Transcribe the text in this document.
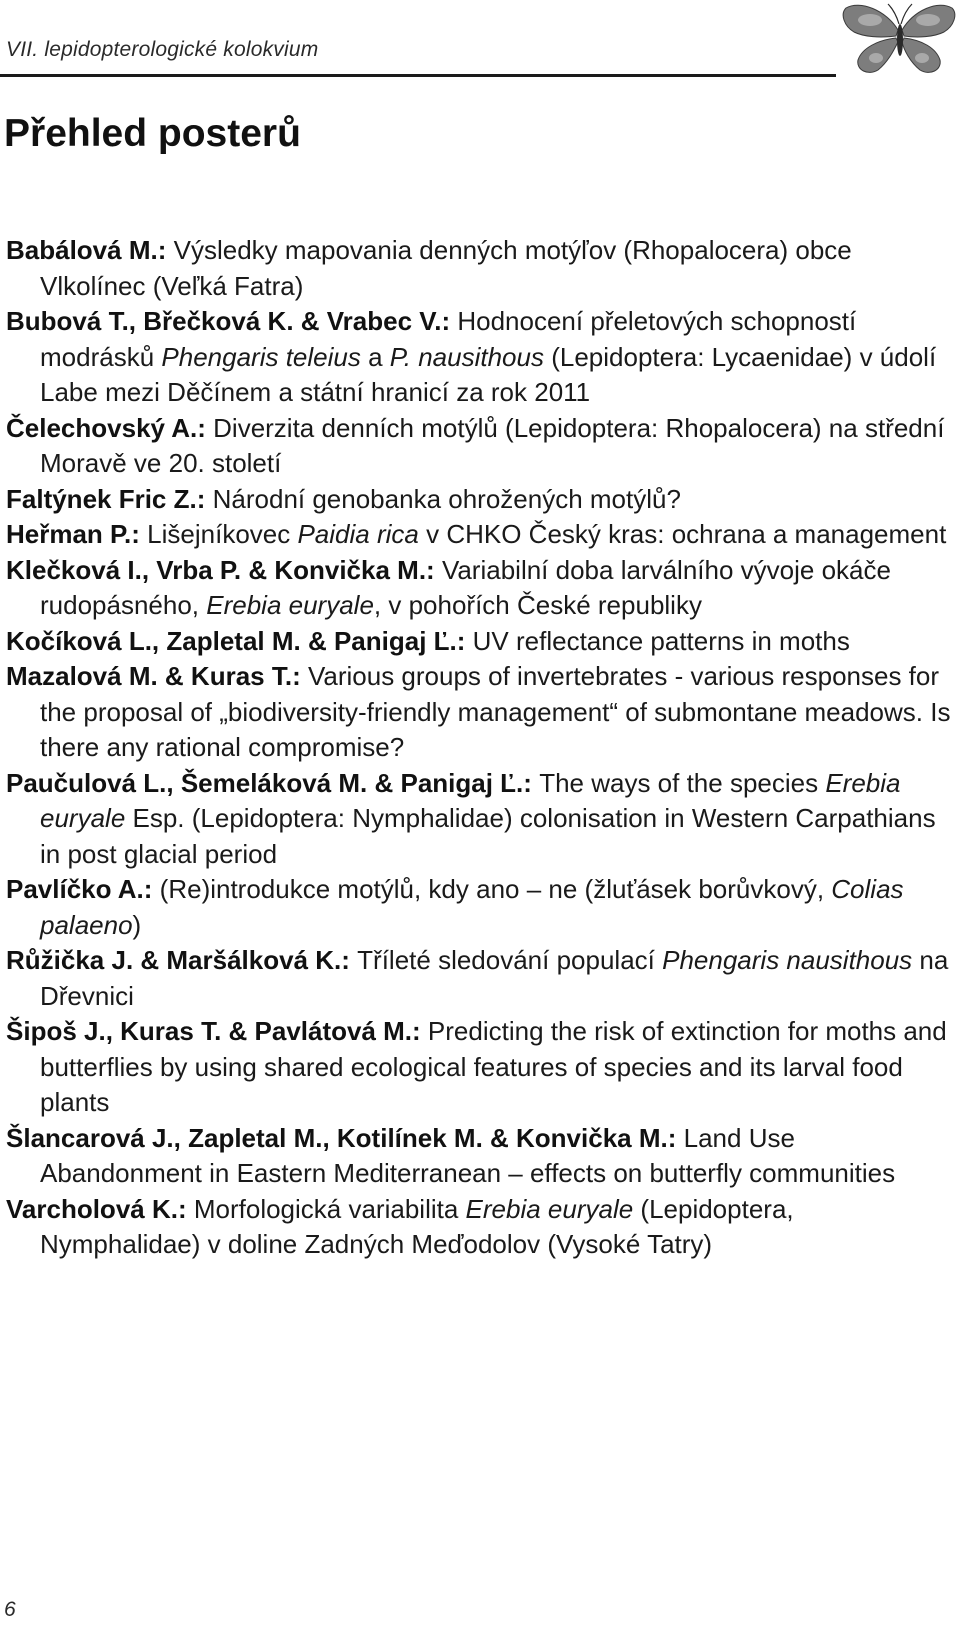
VII. lepidopterologické kolokvium
Přehled posterů

Babálová M.: Výsledky mapovania denných motýľov (Rhopalocera) obce Vlkolínec (Veľká Fatra)

Bubová T., Břečková K. & Vrabec V.: Hodnocení přeletových schopností modrásků Phengaris teleius a P. nausithous (Lepidoptera: Lycaenidae) v údolí Labe mezi Děčínem a státní hranicí za rok 2011

Čelechovský A.: Diverzita denních motýlů (Lepidoptera: Rhopalocera) na střední Moravě ve 20. století

Faltýnek Fric Z.: Národní genobanka ohrožených motýlů?

Heřman P.: Lišejníkovec Paidia rica v CHKO Český kras: ochrana a management

Klečková I., Vrba P. & Konvička M.: Variabilní doba larválního vývoje okáče rudopásného, Erebia euryale, v pohořích České republiky

Kočíková L., Zapletal M. & Panigaj Ľ.: UV reflectance patterns in moths

Mazalová M. & Kuras T.: Various groups of invertebrates - various responses for the proposal of „biodiversity-friendly management“ of submontane meadows. Is there any rational compromise?

Paučulová L., Šemeláková M. & Panigaj Ľ.: The ways of the species Erebia euryale Esp. (Lepidoptera: Nymphalidae) colonisation in Western Carpathians in post glacial period

Pavlíčko A.: (Re)introdukce motýlů, kdy ano – ne (žluťásek borůvkový, Colias palaeno)

Růžička J. & Maršálková K.: Tříleté sledování populací Phengaris nausithous na Dřevnici

Šipoš J., Kuras T. & Pavlátová M.: Predicting the risk of extinction for moths and butterflies by using shared ecological features of species and its larval food plants

Šlancarová J., Zapletal M., Kotilínek M. & Konvička M.: Land Use Abandonment in Eastern Mediterranean – effects on butterfly communities

Varcholová K.: Morfologická variabilita Erebia euryale (Lepidoptera, Nymphalidae) v doline Zadných Meďodolov (Vysoké Tatry)

6
